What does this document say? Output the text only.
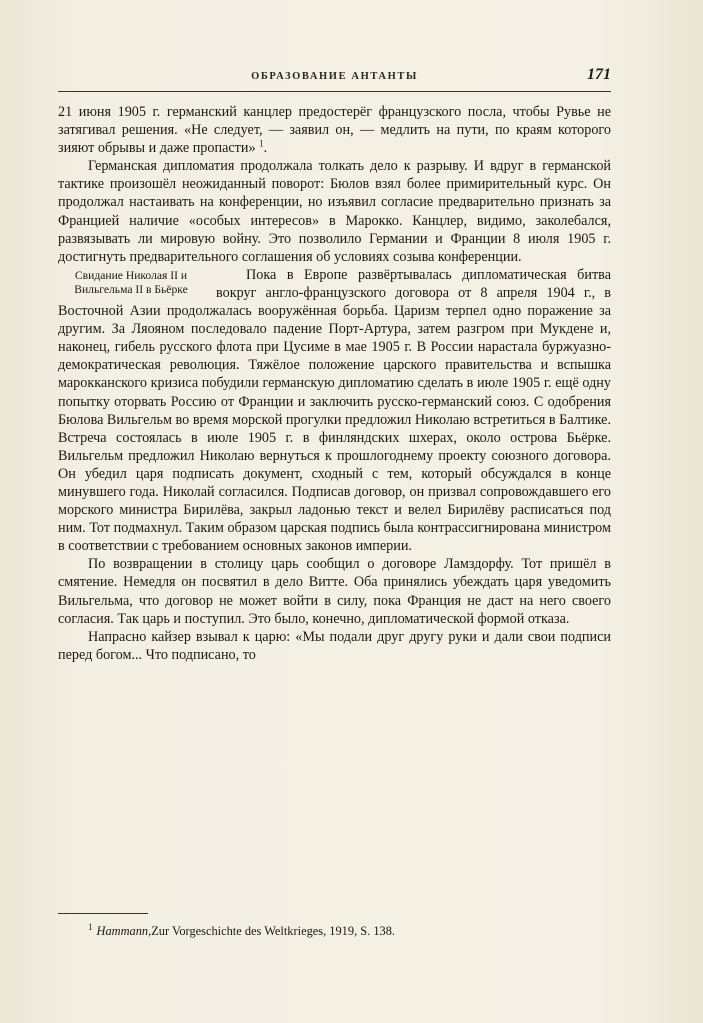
ОБРАЗОВАНИЕ АНТАНТЫ	171

21 июня 1905 г. германский канцлер предостерёг французского посла, чтобы Рувье не затягивал решения. «Не следует, — заявил он, — медлить на пути, по краям которого зияют обрывы и даже пропасти» $^1$.

Германская дипломатия продолжала толкать дело к разрыву. И вдруг в германской тактике произошёл неожиданный поворот: Бюлов взял более примирительный курс. Он продолжал настаивать на конференции, но изъявил согласие предварительно признать за Францией наличие «особых интересов» в Марокко. Канцлер, видимо, заколебался, развязывать ли мировую войну. Это позволило Германии и Франции 8 июля 1905 г. достигнуть предварительного соглашения об условиях созыва конференции.

Свидание Николая II и Вильгельма II в Бьёрке
Пока в Европе развёртывалась дипломатическая битва вокруг англо-французского договора от 8 апреля 1904 г., в Восточной Азии продолжалась вооружённая борьба. Царизм терпел одно поражение за другим. За Ляояном последовало падение Порт-Артура, затем разгром при Мукдене и, наконец, гибель русского флота при Цусиме в мае 1905 г. В России нарастала буржуазно-демократическая революция. Тяжёлое положение царского правительства и вспышка марокканского кризиса побудили германскую дипломатию сделать в июле 1905 г. ещё одну попытку оторвать Россию от Франции и заключить русско-германский союз. С одобрения Бюлова Вильгельм во время морской прогулки предложил Николаю встретиться в Балтике. Встреча состоялась в июле 1905 г. в финляндских шхерах, около острова Бьёрке. Вильгельм предложил Николаю вернуться к прошлогоднему проекту союзного договора. Он убедил царя подписать документ, сходный с тем, который обсуждался в конце минувшего года. Николай согласился. Подписав договор, он призвал сопровождавшего его морского министра Бирилёва, закрыл ладонью текст и велел Бирилёву расписаться под ним. Тот подмахнул. Таким образом царская подпись была контрассигнирована министром в соответствии с требованием основных законов империи.

По возвращении в столицу царь сообщил о договоре Ламздорфу. Тот пришёл в смятение. Немедля он посвятил в дело Витте. Оба принялись убеждать царя уведомить Вильгельма, что договор не может войти в силу, пока Франция не даст на него своего согласия. Так царь и поступил. Это было, конечно, дипломатической формой отказа.

Напрасно кайзер взывал к царю: «Мы подали друг другу руки и дали свои подписи перед богом... Что подписано, то

$^1$ Hammann,Zur Vorgeschichte des Weltkrieges, 1919, S. 138.
